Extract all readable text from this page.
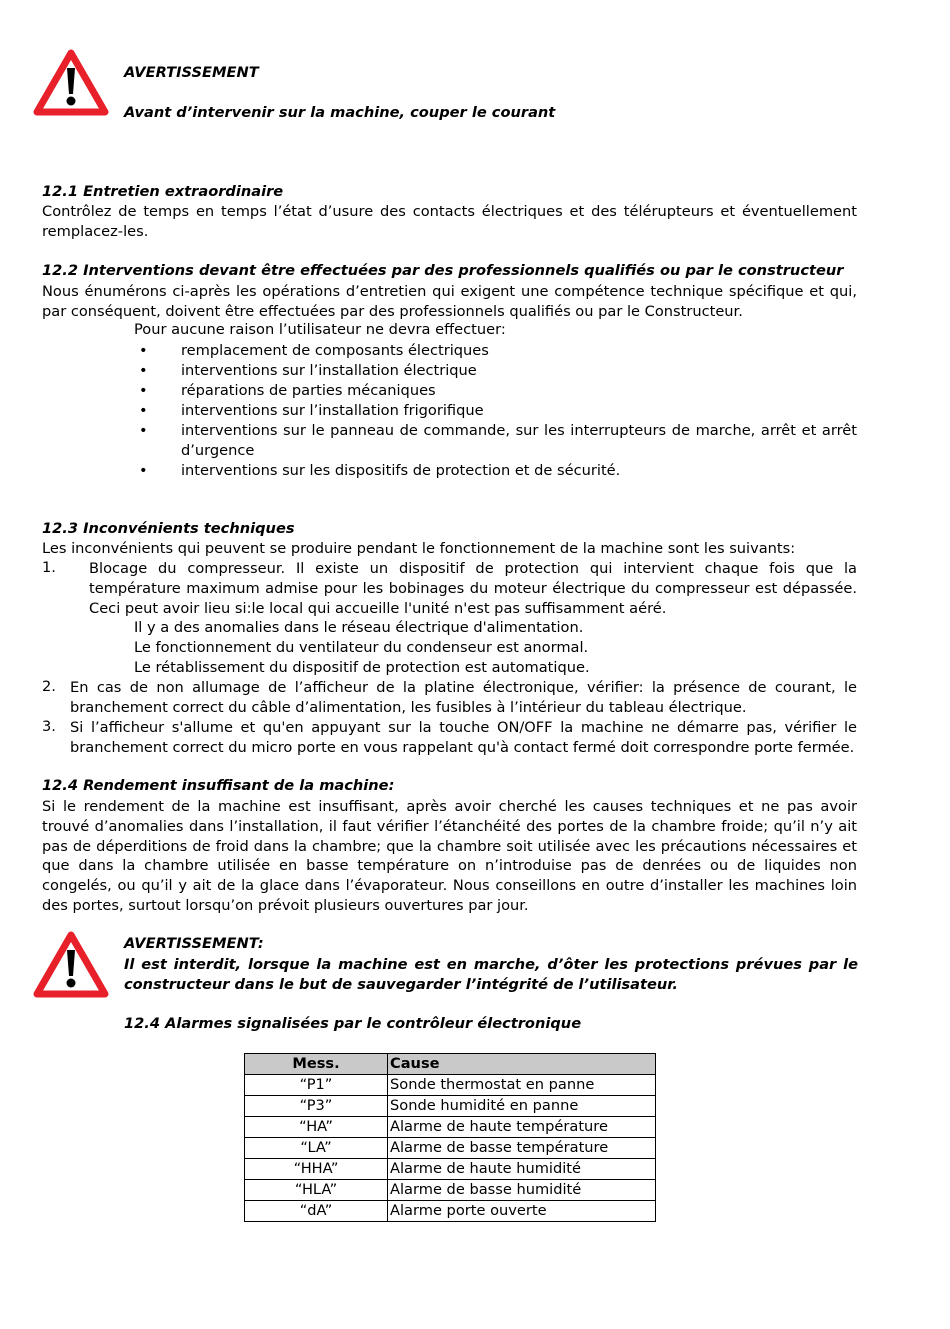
AVERTISSEMENT
Avant d’intervenir sur la machine, couper le courant
12.1 Entretien extraordinaire

Contrôlez de temps en temps l’état d’usure des contacts électriques et des télérupteurs et éventuellement remplacez-les.

12.2 Interventions devant être effectuées par des professionnels qualifiés ou par le constructeur

Nous énumérons ci-après les opérations d’entretien qui exigent une compétence technique spécifique et qui, par conséquent, doivent être effectuées par des professionnels qualifiés ou par le Constructeur.

Pour aucune raison l’utilisateur ne devra effectuer:
• remplacement de composants électriques
• interventions sur l’installation électrique
• réparations de parties mécaniques
• interventions sur l’installation frigorifique
• interventions sur le panneau de commande, sur les interrupteurs de marche, arrêt et arrêt d’urgence
• interventions sur les dispositifs de protection et de sécurité.
12.3 Inconvénients techniques
Les inconvénients qui peuvent se produire pendant le fonctionnement de la machine sont les suivants:
1. Blocage du compresseur. Il existe un dispositif de protection qui intervient chaque fois que la température maximum admise pour les bobinages du moteur électrique du compresseur est dépassée. Ceci peut avoir lieu si:le local qui accueille l'unité n'est pas suffisamment aéré.

Il y a des anomalies dans le réseau électrique d'alimentation.
Le fonctionnement du ventilateur du condenseur est anormal.
Le rétablissement du dispositif de protection est automatique.
2. En cas de non allumage de l’afficheur de la platine électronique, vérifier: la présence de courant, le branchement correct du câble d’alimentation, les fusibles à l’intérieur du tableau électrique.

3. Si l’afficheur s'allume et qu'en appuyant sur la touche ON/OFF la machine ne démarre pas, vérifier le branchement correct du micro porte en vous rappelant qu'à contact fermé doit correspondre porte fermée.

12.4 Rendement insuffisant de la machine:

Si le rendement de la machine est insuffisant, après avoir cherché les causes techniques et ne pas avoir trouvé d’anomalies dans l’installation, il faut vérifier l’étanchéité des portes de la chambre froide; qu’il n’y ait pas de déperditions de froid dans la chambre; que la chambre soit utilisée avec les précautions nécessaires et que dans la chambre utilisée en basse température on n’introduise pas de denrées ou de liquides non congelés, ou qu’il y ait de la glace dans l’évaporateur. Nous conseillons en outre d’installer les machines loin des portes, surtout lorsqu’on prévoit plusieurs ouvertures par jour.

AVERTISSEMENT:

Il est interdit, lorsque la machine est en marche, d’ôter les protections prévues par le constructeur dans le but de sauvegarder l’intégrité de l’utilisateur.

12.4 Alarmes signalisées par le contrôleur électronique
Mess.	Cause
“P1”	Sonde thermostat en panne
“P3”	Sonde humidité en panne
“HA”	Alarme de haute température
“LA”	Alarme de basse température
“HHA”	Alarme de haute humidité
“HLA”	Alarme de basse humidité
“dA”	Alarme porte ouverte
